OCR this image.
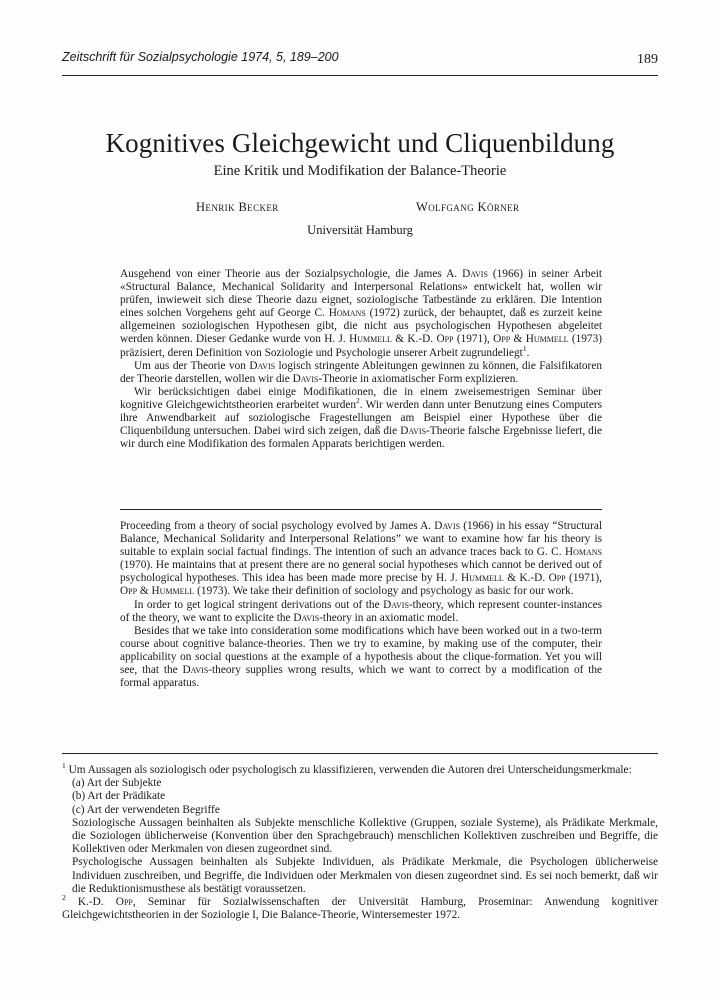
Zeitschrift für Sozialpsychologie 1974, 5, 189–200	189
Kognitives Gleichgewicht und Cliquenbildung
Eine Kritik und Modifikation der Balance-Theorie
Henrik Becker	Wolfgang Körner
Universität Hamburg

Ausgehend von einer Theorie aus der Sozialpsychologie, die James A. Davis (1966) in seiner Arbeit «Structural Balance, Mechanical Solidarity and Interpersonal Relations» entwickelt hat, wollen wir prüfen, inwieweit sich diese Theorie dazu eignet, soziologische Tatbestände zu erklären. Die Intention eines solchen Vorgehens geht auf George C. Homans (1972) zurück, der behauptet, daß es zurzeit keine allgemeinen soziologischen Hypothesen gibt, die nicht aus psychologischen Hypothesen abgeleitet werden können. Dieser Gedanke wurde von H. J. Hummell & K.-D. Opp (1971), Opp & Hummell (1973) präzisiert, deren Definition von Soziologie und Psychologie unserer Arbeit zugrundeliegt$^1$.

Um aus der Theorie von Davis logisch stringente Ableitungen gewinnen zu können, die Falsifikatoren der Theorie darstellen, wollen wir die Davis-Theorie in axiomatischer Form explizieren.

Wir berücksichtigen dabei einige Modifikationen, die in einem zweisemestrigen Seminar über kognitive Gleichgewichtstheorien erarbeitet wurden$^2$. Wir werden dann unter Benutzung eines Computers ihre Anwendbarkeit auf soziologische Fragestellungen am Beispiel einer Hypothese über die Cliquenbildung untersuchen. Dabei wird sich zeigen, daß die Davis-Theorie falsche Ergebnisse liefert, die wir durch eine Modifikation des formalen Apparats berichtigen werden.

Proceeding from a theory of social psychology evolved by James A. Davis (1966) in his essay “Structural Balance, Mechanical Solidarity and Interpersonal Relations” we want to examine how far his theory is suitable to explain social factual findings. The intention of such an advance traces back to G. C. Homans (1970). He maintains that at present there are no general social hypotheses which cannot be derived out of psychological hypotheses. This idea has been made more precise by H. J. Hummell & K.-D. Opp (1971), Opp & Hummell (1973). We take their definition of sociology and psychology as basic for our work.

In order to get logical stringent derivations out of the Davis-theory, which represent counter-instances of the theory, we want to explicite the Davis-theory in an axiomatic model.

Besides that we take into consideration some modifications which have been worked out in a two-term course about cognitive balance-theories. Then we try to examine, by making use of the computer, their applicability on social questions at the example of a hypothesis about the clique-formation. Yet you will see, that the Davis-theory supplies wrong results, which we want to correct by a modification of the formal apparatus.

$^1$ Um Aussagen als soziologisch oder psychologisch zu klassifizieren, verwenden die Autoren drei Unterscheidungsmerkmale:
(a) Art der Subjekte
(b) Art der Prädikate
(c) Art der verwendeten Begriffe
Soziologische Aussagen beinhalten als Subjekte menschliche Kollektive (Gruppen, soziale Systeme), als Prädikate Merkmale, die Soziologen üblicherweise (Konvention über den Sprachgebrauch) menschlichen Kollektiven zuschreiben und Begriffe, die Kollektiven oder Merkmalen von diesen zugeordnet sind.
Psychologische Aussagen beinhalten als Subjekte Individuen, als Prädikate Merkmale, die Psychologen üblicherweise Individuen zuschreiben, und Begriffe, die Individuen oder Merkmalen von diesen zugeordnet sind. Es sei noch bemerkt, daß wir die Reduktionismusthese als bestätigt voraussetzen.
$^2$ K.-D. Opp, Seminar für Sozialwissenschaften der Universität Hamburg, Proseminar: Anwendung kognitiver Gleichgewichtstheorien in der Soziologie I, Die Balance-Theorie, Wintersemester 1972.
